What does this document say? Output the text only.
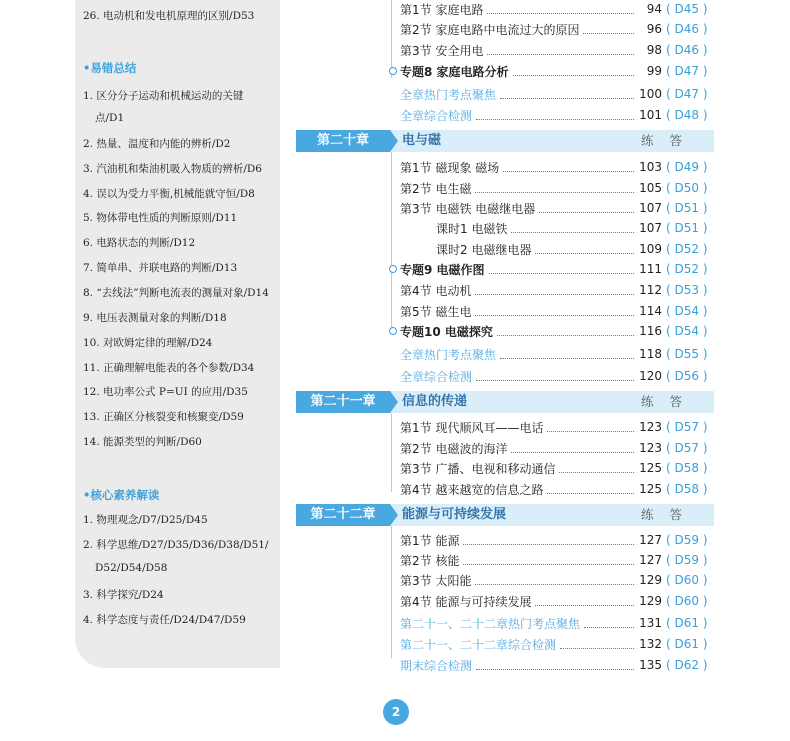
26. 电动机和发电机原理的区别/D53
•易错总结
1. 区分分子运动和机械运动的关键
点/D1
2. 热量、温度和内能的辨析/D2
3. 汽油机和柴油机吸入物质的辨析/D6
4. 误以为受力平衡,机械能就守恒/D8
5. 物体带电性质的判断原则/D11
6. 电路状态的判断/D12
7. 简单串、并联电路的判断/D13
8. “去线法”判断电流表的测量对象/D14
9. 电压表测量对象的判断/D18
10. 对欧姆定律的理解/D24
11. 正确理解电能表的各个参数/D34
12. 电功率公式 P=UI 的应用/D35
13. 正确区分核裂变和核聚变/D59
14. 能源类型的判断/D60
•核心素养解读
1. 物理观念/D7/D25/D45
2. 科学思维/D27/D35/D36/D38/D51/
D52/D54/D58
3. 科学探究/D24
4. 科学态度与责任/D24/D47/D59
第1节 家庭电路	94 ( D45 )
第2节 家庭电路中电流过大的原因	96 ( D46 )
第3节 安全用电	98 ( D46 )
专题8 家庭电路分析	99 ( D47 )
全章热门考点聚焦	100 ( D47 )
全章综合检测	101 ( D48 )
第二十章	电与磁	练答
第1节 磁现象 磁场	103 ( D49 )
第2节 电生磁	105 ( D50 )
第3节 电磁铁 电磁继电器	107 ( D51 )
课时1 电磁铁	107 ( D51 )
课时2 电磁继电器	109 ( D52 )
专题9 电磁作图	111 ( D52 )
第4节 电动机	112 ( D53 )
第5节 磁生电	114 ( D54 )
专题10 电磁探究	116 ( D54 )
全章热门考点聚焦	118 ( D55 )
全章综合检测	120 ( D56 )
第二十一章	信息的传递	练答
第1节 现代顺风耳——电话	123 ( D57 )
第2节 电磁波的海洋	123 ( D57 )
第3节 广播、电视和移动通信	125 ( D58 )
第4节 越来越宽的信息之路	125 ( D58 )
第二十二章	能源与可持续发展	练答
第1节 能源	127 ( D59 )
第2节 核能	127 ( D59 )
第3节 太阳能	129 ( D60 )
第4节 能源与可持续发展	129 ( D60 )
第二十一、二十二章热门考点聚焦	131 ( D61 )
第二十一、二十二章综合检测	132 ( D61 )
期末综合检测	135 ( D62 )
2
